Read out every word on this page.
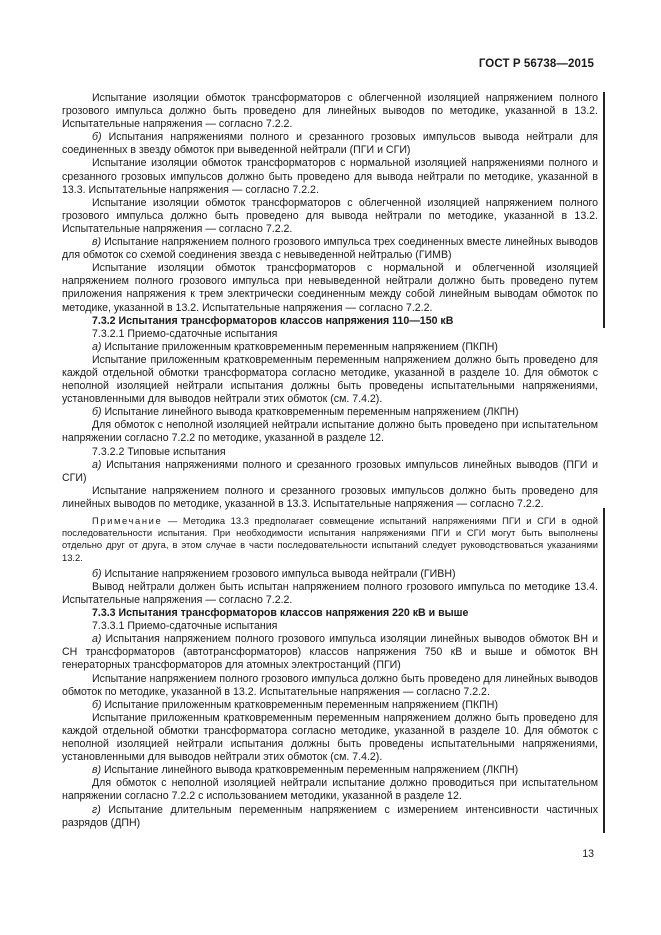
ГОСТ Р 56738—2015

Испытание изоляции обмоток трансформаторов с облегченной изоляцией напряжением полного грозового импульса должно быть проведено для линейных выводов по методике, указанной в 13.2. Испытательные напряжения — согласно 7.2.2.

б) Испытания напряжениями полного и срезанного грозовых импульсов вывода нейтрали для соединенных в звезду обмоток при выведенной нейтрали (ПГИ и СГИ)

Испытание изоляции обмоток трансформаторов с нормальной изоляцией напряжениями полного и срезанного грозовых импульсов должно быть проведено для вывода нейтрали по методике, указанной в 13.3. Испытательные напряжения — согласно 7.2.2.

Испытание изоляции обмоток трансформаторов с облегченной изоляцией напряжением полного грозового импульса должно быть проведено для вывода нейтрали по методике, указанной в 13.2. Испытательные напряжения — согласно 7.2.2.

в) Испытание напряжением полного грозового импульса трех соединенных вместе линейных выводов для обмоток со схемой соединения звезда с невыведенной нейтралью (ГИМВ)

Испытание изоляции обмоток трансформаторов с нормальной и облегченной изоляцией напряжением полного грозового импульса при невыведенной нейтрали должно быть проведено путем приложения напряжения к трем электрически соединенным между собой линейным выводам обмоток по методике, указанной в 13.2. Испытательные напряжения — согласно 7.2.2.

7.3.2 Испытания трансформаторов классов напряжения 110—150 кВ

7.3.2.1 Приемо-сдаточные испытания

а) Испытание приложенным кратковременным переменным напряжением (ПКПН)

Испытание приложенным кратковременным переменным напряжением должно быть проведено для каждой отдельной обмотки трансформатора согласно методике, указанной в разделе 10. Для обмоток с неполной изоляцией нейтрали испытания должны быть проведены испытательными напряжениями, установленными для выводов нейтрали этих обмоток (см. 7.4.2).

б) Испытание линейного вывода кратковременным переменным напряжением (ЛКПН)

Для обмоток с неполной изоляцией нейтрали испытание должно быть проведено при испытательном напряжении согласно 7.2.2 по методике, указанной в разделе 12.

7.3.2.2 Типовые испытания

а) Испытания напряжениями полного и срезанного грозовых импульсов линейных выводов (ПГИ и СГИ)

Испытание напряжением полного и срезанного грозовых импульсов должно быть проведено для линейных выводов по методике, указанной в 13.3. Испытательные напряжения — согласно 7.2.2.

Примечание — Методика 13.3 предполагает совмещение испытаний напряжениями ПГИ и СГИ в одной последовательности испытания. При необходимости испытания напряжениями ПГИ и СГИ могут быть выполнены отдельно друг от друга, в этом случае в части последовательности испытаний следует руководствоваться указаниями 13.2.

б) Испытание напряжением грозового импульса вывода нейтрали (ГИВН)

Вывод нейтрали должен быть испытан напряжением полного грозового импульса по методике 13.4. Испытательные напряжения — согласно 7.2.2.

7.3.3 Испытания трансформаторов классов напряжения 220 кВ и выше

7.3.3.1 Приемо-сдаточные испытания

а) Испытания напряжением полного грозового импульса изоляции линейных выводов обмоток ВН и СН трансформаторов (автотрансформаторов) классов напряжения 750 кВ и выше и обмоток ВН генераторных трансформаторов для атомных электростанций (ПГИ)

Испытание напряжением полного грозового импульса должно быть проведено для линейных выводов обмоток по методике, указанной в 13.2. Испытательные напряжения — согласно 7.2.2.

б) Испытание приложенным кратковременным переменным напряжением (ПКПН)

Испытание приложенным кратковременным переменным напряжением должно быть проведено для каждой отдельной обмотки трансформатора согласно методике, указанной в разделе 10. Для обмоток с неполной изоляцией нейтрали испытания должны быть проведены испытательными напряжениями, установленными для выводов нейтрали этих обмоток (см. 7.4.2).

в) Испытание линейного вывода кратковременным переменным напряжением (ЛКПН)

Для обмоток с неполной изоляцией нейтрали испытание должно проводиться при испытательном напряжении согласно 7.2.2 с использованием методики, указанной в разделе 12.

г) Испытание длительным переменным напряжением с измерением интенсивности частичных разрядов (ДПН)

13
